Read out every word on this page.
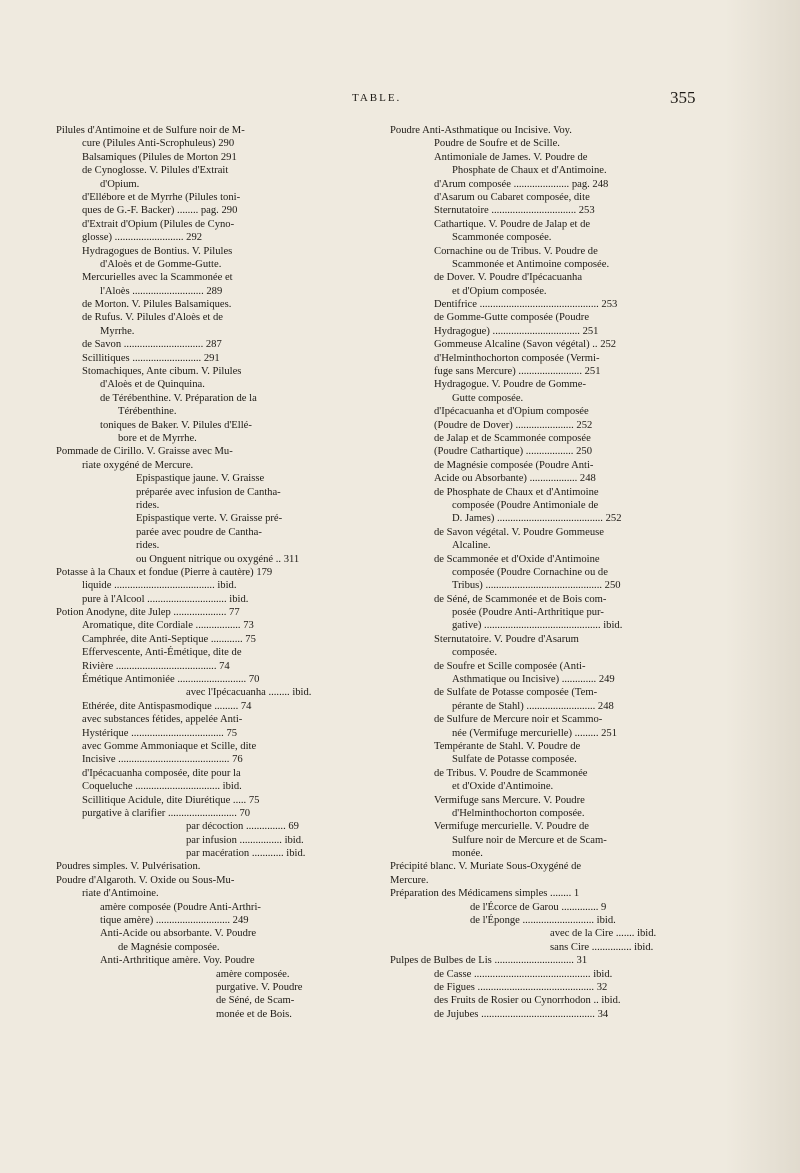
TABLE.	355
Pilules d'Antimoine et de Sulfure noir de M-
cure (Pilules Anti-Scrophuleus) 290
Balsamiques (Pilules de Morton 291
de Cynoglosse. V. Pilules d'Extrait
d'Opium.
d'Ellébore et de Myrrhe (Pilules toni-
ques de G.-F. Backer) ........ pag. 290
d'Extrait d'Opium (Pilules de Cyno-
glosse) .......................... 292
Hydragogues de Bontius. V. Pilules
d'Aloès et de Gomme-Gutte.
Mercurielles avec la Scammonée et
l'Aloès ........................... 289
de Morton. V. Pilules Balsamiques.
de Rufus. V. Pilules d'Aloès et de
Myrrhe.
de Savon .............................. 287
Scillitiques .......................... 291
Stomachiques, Ante cibum. V. Pilules
d'Aloès et de Quinquina.
de Térébenthine. V. Préparation de la
Térébenthine.
toniques de Baker. V. Pilules d'Ellé-
bore et de Myrrhe.
Pommade de Cirillo. V. Graisse avec Mu-
riate oxygéné de Mercure.
Epispastique jaune. V. Graisse
préparée avec infusion de Cantha-
rides.
Epispastique verte. V. Graisse pré-
parée avec poudre de Cantha-
rides.
ou Onguent nitrique ou oxygéné .. 311
Potasse à la Chaux et fondue (Pierre à cautère) 179
liquide ...................................... ibid.
pure à l'Alcool .............................. ibid.
Potion Anodyne, dite Julep .................... 77
Aromatique, dite Cordiale ................. 73
Camphrée, dite Anti-Septique ............ 75
Effervescente, Anti-Émétique, dite de
Rivière ...................................... 74
Émétique Antimoniée .......................... 70
avec l'Ipécacuanha ........ ibid.
Ethérée, dite Antispasmodique ......... 74
avec substances fétides, appelée Anti-
Hystérique ................................... 75
avec Gomme Ammoniaque et Scille, dite
Incisive .......................................... 76
d'Ipécacuanha composée, dite pour la
Coqueluche ................................ ibid.
Scillitique Acidule, dite Diurétique ..... 75
purgative à clarifier .......................... 70
par décoction ............... 69
par infusion ................ ibid.
par macération ............ ibid.
Poudres simples. V. Pulvérisation.
Poudre d'Algaroth. V. Oxide ou Sous-Mu-
riate d'Antimoine.
amère composée (Poudre Anti-Arthri-
tique amère) ............................ 249
Anti-Acide ou absorbante. V. Poudre
de Magnésie composée.
Anti-Arthritique amère. Voy. Poudre
amère composée.
purgative. V. Poudre
de Séné, de Scam-
monée et de Bois.
Poudre Anti-Asthmatique ou Incisive. Voy.
Poudre de Soufre et de Scille.
Antimoniale de James. V. Poudre de
Phosphate de Chaux et d'Antimoine.
d'Arum composée ..................... pag. 248
d'Asarum ou Cabaret composée, dite
Sternutatoire ................................ 253
Cathartique. V. Poudre de Jalap et de
Scammonée composée.
Cornachine ou de Tribus. V. Poudre de
Scammonée et Antimoine composée.
de Dover. V. Poudre d'Ipécacuanha
et d'Opium composée.
Dentifrice ............................................. 253
de Gomme-Gutte composée (Poudre
Hydragogue) ................................. 251
Gommeuse Alcaline (Savon végétal) .. 252
d'Helminthochorton composée (Vermi-
fuge sans Mercure) ........................ 251
Hydragogue. V. Poudre de Gomme-
Gutte composée.
d'Ipécacuanha et d'Opium composée
(Poudre de Dover) ...................... 252
de Jalap et de Scammonée composée
(Poudre Cathartique) .................. 250
de Magnésie composée (Poudre Anti-
Acide ou Absorbante) .................. 248
de Phosphate de Chaux et d'Antimoine
composée (Poudre Antimoniale de
D. James) ........................................ 252
de Savon végétal. V. Poudre Gommeuse
Alcaline.
de Scammonée et d'Oxide d'Antimoine
composée (Poudre Cornachine ou de
Tribus) ............................................ 250
de Séné, de Scammonée et de Bois com-
posée (Poudre Anti-Arthritique pur-
gative) ............................................ ibid.
Sternutatoire. V. Poudre d'Asarum
composée.
de Soufre et Scille composée (Anti-
Asthmatique ou Incisive) ............. 249
de Sulfate de Potasse composée (Tem-
pérante de Stahl) .......................... 248
de Sulfure de Mercure noir et Scammo-
née (Vermifuge mercurielle) ......... 251
Tempérante de Stahl. V. Poudre de
Sulfate de Potasse composée.
de Tribus. V. Poudre de Scammonée
et d'Oxide d'Antimoine.
Vermifuge sans Mercure. V. Poudre
d'Helminthochorton composée.
Vermifuge mercurielle. V. Poudre de
Sulfure noir de Mercure et de Scam-
monée.
Précipité blanc. V. Muriate Sous-Oxygéné de
Mercure.
Préparation des Médicamens simples ........ 1
de l'Écorce de Garou .............. 9
de l'Éponge ........................... ibid.
avec de la Cire ....... ibid.
sans Cire ............... ibid.
Pulpes de Bulbes de Lis .............................. 31
de Casse ............................................ ibid.
de Figues ............................................ 32
des Fruits de Rosier ou Cynorrhodon .. ibid.
de Jujubes ........................................... 34
